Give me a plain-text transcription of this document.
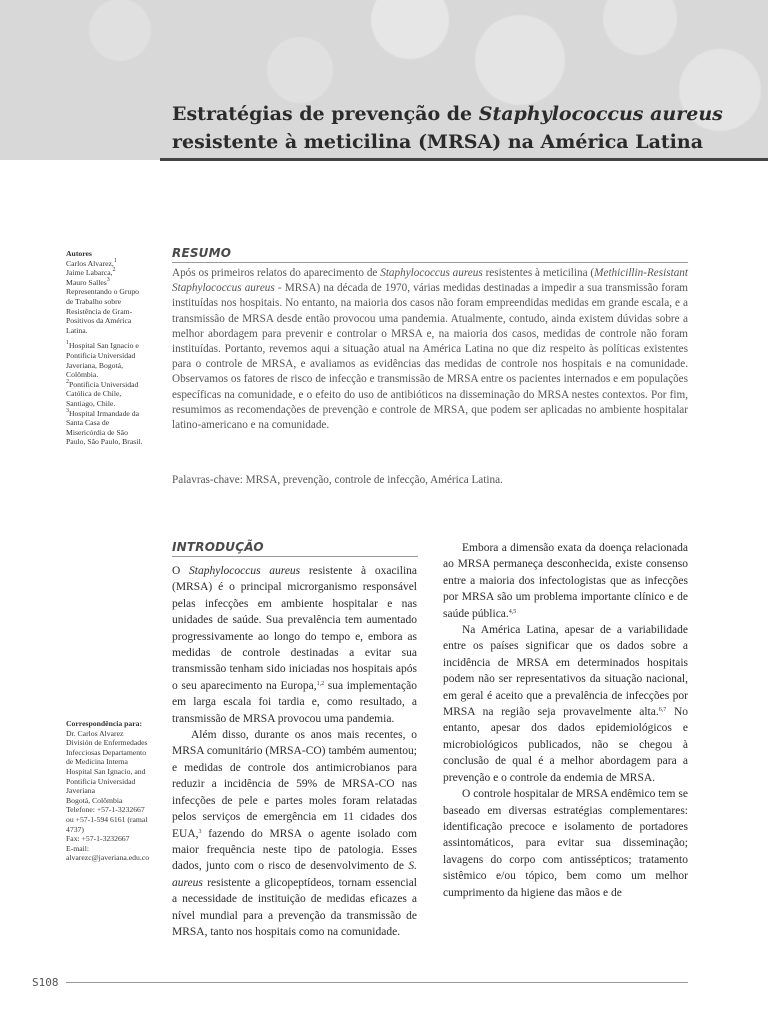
Estratégias de prevenção de Staphylococcus aureus
resistente à meticilina (MRSA) na América Latina
Autores
Carlos Alvarez,$^1$
Jaime Labarca,$^2$
Mauro Salles$^3$
Representando o Grupo de Trabalho sobre Resistência de Gram-Positivos da América Latina.
$^1$Hospital San Ignacio e Pontificia Universidad Javeriana, Bogotá, Colômbia.
$^2$Pontificia Universidad Católica de Chile, Santiago, Chile.
$^3$Hospital Irmandade da Santa Casa de Misericórdia de São Paulo, São Paulo, Brasil.
Correspondência para:
Dr. Carlos Alvarez
División de Enfermedades Infecciosas Departamento de Medicina Interna Hospital San Ignacio, and Pontificia Universidad Javeriana
Bogotá, Colômbia
Telefone: +57-1-3232667 ou +57-1-594 6161 (ramal 4737)
Fax: +57-1-3232667
E-mail: alvarezc@javeriana.edu.co
RESUMO
Após os primeiros relatos do aparecimento de Staphylococcus aureus resistentes à meticilina (Methicillin-Resistant Staphylococcus aureus - MRSA) na década de 1970, várias medidas destinadas a impedir a sua transmissão foram instituídas nos hospitais. No entanto, na maioria dos casos não foram empreendidas medidas em grande escala, e a transmissão de MRSA desde então provocou uma pandemia. Atualmente, contudo, ainda existem dúvidas sobre a melhor abordagem para prevenir e controlar o MRSA e, na maioria dos casos, medidas de controle não foram instituídas. Portanto, revemos aqui a situação atual na América Latina no que diz respeito às políticas existentes para o controle de MRSA, e avaliamos as evidências das medidas de controle nos hospitais e na comunidade. Observamos os fatores de risco de infecção e transmissão de MRSA entre os pacientes internados e em populações específicas na comunidade, e o efeito do uso de antibióticos na disseminação do MRSA nestes contextos. Por fim, resumimos as recomendações de prevenção e controle de MRSA, que podem ser aplicadas no ambiente hospitalar latino-americano e na comunidade.
Palavras-chave: MRSA, prevenção, controle de infecção, América Latina.
INTRODUÇÃO

O Staphylococcus aureus resistente à oxacilina (MRSA) é o principal microrganismo responsável pelas infecções em ambiente hospitalar e nas unidades de saúde. Sua prevalência tem aumentado progressivamente ao longo do tempo e, embora as medidas de controle destinadas a evitar sua transmissão tenham sido iniciadas nos hospitais após o seu aparecimento na Europa,$^{1,2}$ sua implementação em larga escala foi tardia e, como resultado, a transmissão de MRSA provocou uma pandemia.

Além disso, durante os anos mais recentes, o MRSA comunitário (MRSA-CO) também aumentou; e medidas de controle dos antimicrobianos para reduzir a incidência de 59% de MRSA-CO nas infecções de pele e partes moles foram relatadas pelos serviços de emergência em 11 cidades dos EUA,$^3$ fazendo do MRSA o agente isolado com maior frequência neste tipo de patologia. Esses dados, junto com o risco de desenvolvimento de S. aureus resistente a glicopeptídeos, tornam essencial a necessidade de instituição de medidas eficazes a nível mundial para a prevenção da transmissão de MRSA, tanto nos hospitais como na comunidade.

Embora a dimensão exata da doença relacionada ao MRSA permaneça desconhecida, existe consenso entre a maioria dos infectologistas que as infecções por MRSA são um problema importante clínico e de saúde pública.$^{4,5}$

Na América Latina, apesar de a variabilidade entre os países significar que os dados sobre a incidência de MRSA em determinados hospitais podem não ser representativos da situação nacional, em geral é aceito que a prevalência de infecções por MRSA na região seja provavelmente alta.$^{6,7}$ No entanto, apesar dos dados epidemiológicos e microbiológicos publicados, não se chegou à conclusão de qual é a melhor abordagem para a prevenção e o controle da endemia de MRSA.

O controle hospitalar de MRSA endêmico tem se baseado em diversas estratégias complementares: identificação precoce e isolamento de portadores assintomáticos, para evitar sua disseminação; lavagens do corpo com antissépticos; tratamento sistêmico e/ou tópico, bem como um melhor cumprimento da higiene das mãos e de

S108
